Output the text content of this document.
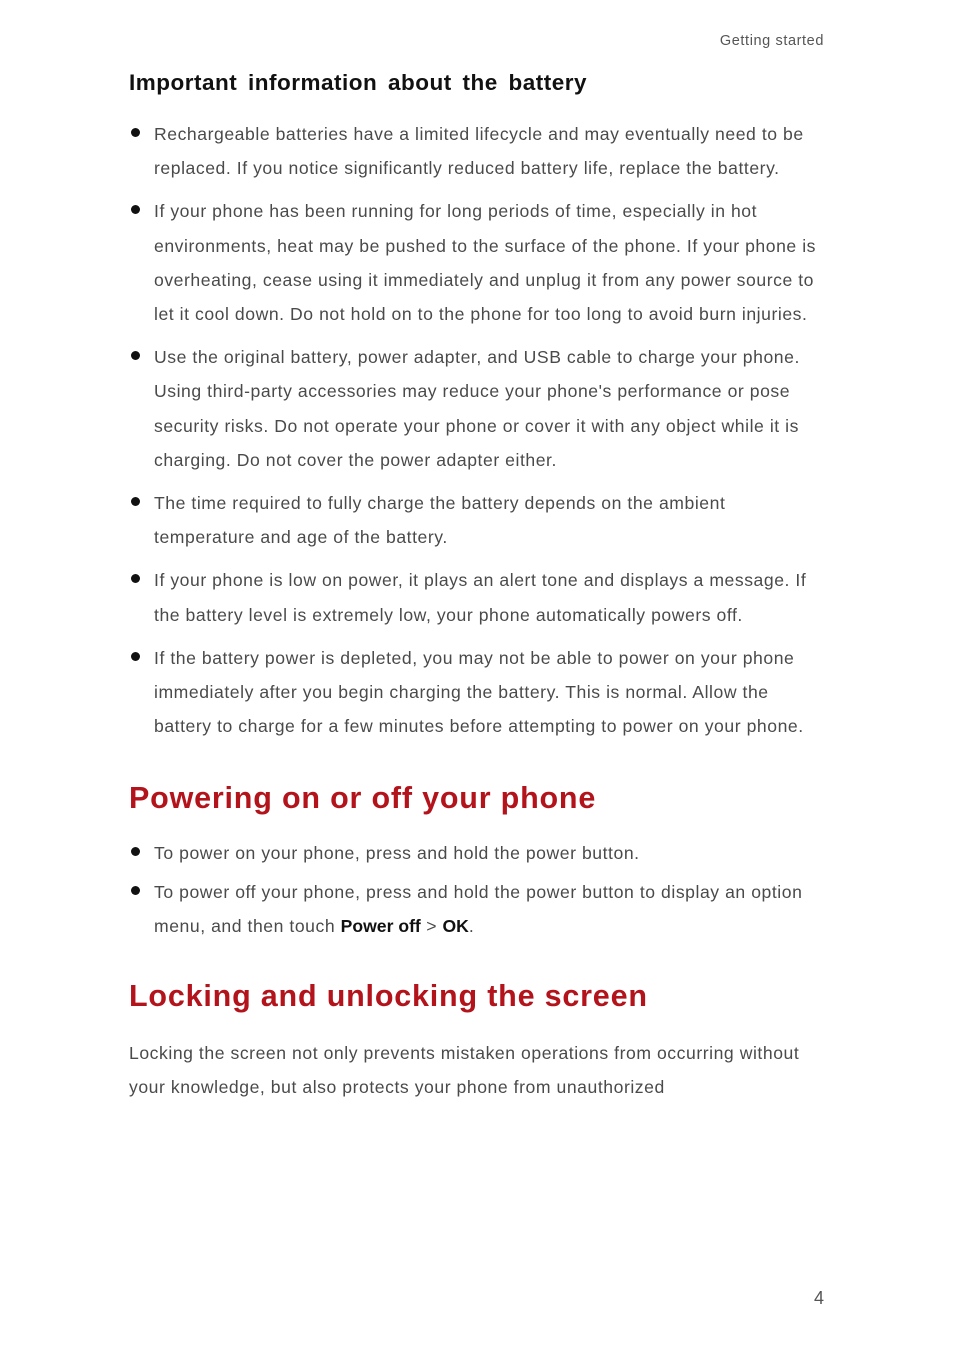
Getting started
Important information about the battery
Rechargeable batteries have a limited lifecycle and may eventually need to be replaced. If you notice significantly reduced battery life, replace the battery.
If your phone has been running for long periods of time, especially in hot environments, heat may be pushed to the surface of the phone. If your phone is overheating, cease using it immediately and unplug it from any power source to let it cool down. Do not hold on to the phone for too long to avoid burn injuries.
Use the original battery, power adapter, and USB cable to charge your phone. Using third-party accessories may reduce your phone's performance or pose security risks. Do not operate your phone or cover it with any object while it is charging. Do not cover the power adapter either.
The time required to fully charge the battery depends on the ambient temperature and age of the battery.
If your phone is low on power, it plays an alert tone and displays a message. If the battery level is extremely low, your phone automatically powers off.
If the battery power is depleted, you may not be able to power on your phone immediately after you begin charging the battery. This is normal. Allow the battery to charge for a few minutes before attempting to power on your phone.
Powering on or off your phone
To power on your phone, press and hold the power button.
To power off your phone, press and hold the power button to display an option menu, and then touch Power off > OK.
Locking and unlocking the screen

Locking the screen not only prevents mistaken operations from occurring without your knowledge, but also protects your phone from unauthorized

4
